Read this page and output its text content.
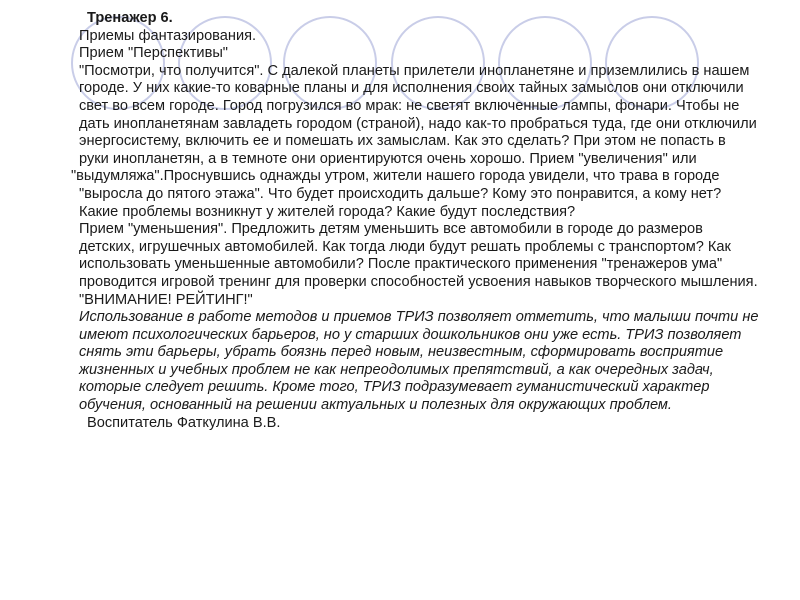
Тренажер 6.
Приемы фантазирования.
Прием "Перспективы"
"Посмотри, что получится". С далекой планеты прилетели инопланетяне и приземлились в нашем городе. У них какие-то коварные планы и для исполнения своих тайных замыслов они отключили свет во всем городе. Город погрузился во мрак: не светят включенные лампы, фонари. Чтобы не дать инопланетянам завладеть городом (страной), надо как-то пробраться туда, где они отключили энергосистему, включить ее и помешать их замыслам. Как это сделать? При этом не попасть в руки инопланетян, а в темноте они ориентируются очень хорошо. Прием "увеличения" или
"выдумляжа".Проснувшись однажды утром, жители нашего города увидели, что трава в городе "выросла до пятого этажа". Что будет происходить дальше? Кому это понравится, а кому нет? Какие проблемы возникнут у жителей города? Какие будут последствия?
Прием "уменьшения". Предложить детям уменьшить все автомобили в городе до размеров детских, игрушечных автомобилей. Как тогда люди будут решать проблемы с транспортом? Как использовать уменьшенные автомобили? После практического применения "тренажеров ума" проводится игровой тренинг для проверки способностей усвоения навыков творческого мышления. "ВНИМАНИЕ! РЕЙТИНГ!"
Использование в работе методов и приемов ТРИЗ позволяет отметить, что малыши почти не имеют психологических барьеров, но у старших дошкольников они уже есть. ТРИЗ позволяет снять эти барьеры, убрать боязнь перед новым, неизвестным, сформировать восприятие жизненных и учебных проблем не как непреодолимых препятствий, а как очередных задач, которые следует решить. Кроме того, ТРИЗ подразумевает гуманистический характер обучения, основанный на решении актуальных и полезных для окружающих проблем.
Воспитатель Фаткулина В.В.
